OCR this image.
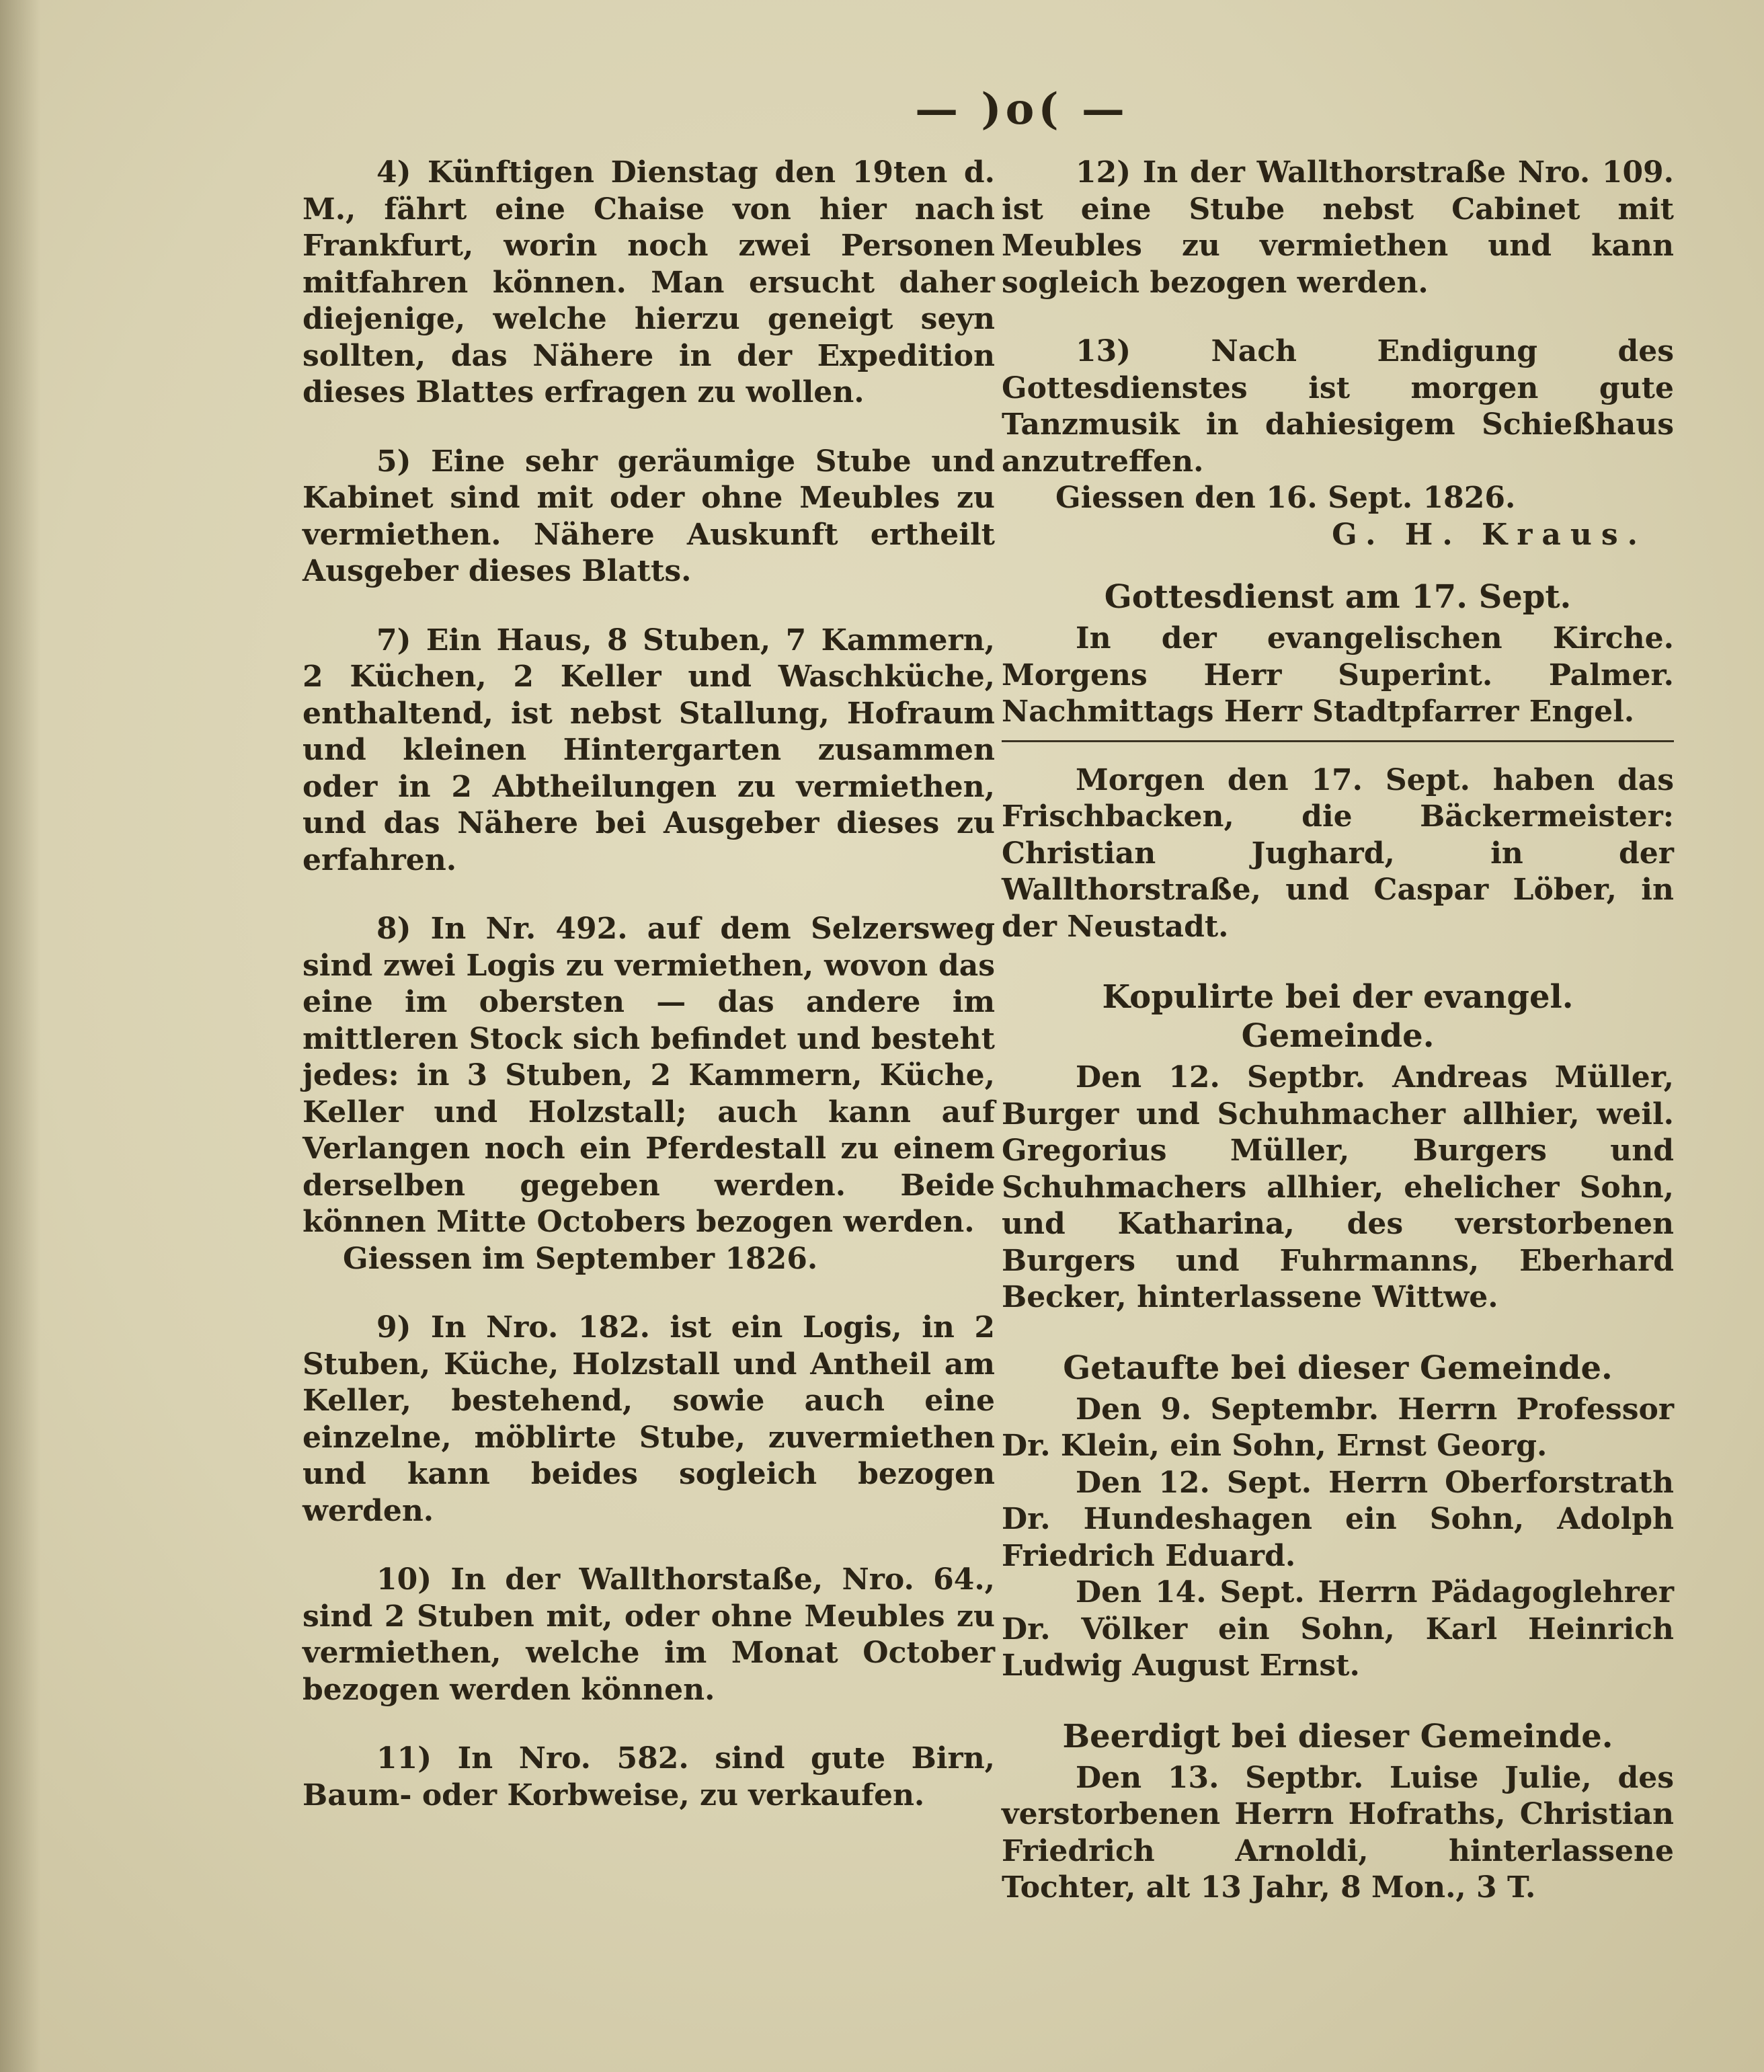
— )o( —

4) Künftigen Dienstag den 19ten d. M., fährt eine Chaise von hier nach Frankfurt, worin noch zwei Personen mitfahren können. Man ersucht daher diejenige, welche hierzu geneigt seyn sollten, das Nähere in der Expedition dieses Blattes erfragen zu wollen.

5) Eine sehr geräumige Stube und Kabinet sind mit oder ohne Meubles zu vermiethen. Nähere Auskunft ertheilt Ausgeber dieses Blatts.

7) Ein Haus, 8 Stuben, 7 Kammern, 2 Küchen, 2 Keller und Waschküche, enthaltend, ist nebst Stallung, Hofraum und kleinen Hintergarten zusammen oder in 2 Abtheilungen zu vermiethen, und das Nähere bei Ausgeber dieses zu erfahren.

8) In Nr. 492. auf dem Selzersweg sind zwei Logis zu vermiethen, wovon das eine im obersten — das andere im mittleren Stock sich befindet und besteht jedes: in 3 Stuben, 2 Kammern, Küche, Keller und Holzstall; auch kann auf Verlangen noch ein Pferdestall zu einem derselben gegeben werden. Beide können Mitte Octobers bezogen werden.

Giessen im September 1826.

9) In Nro. 182. ist ein Logis, in 2 Stuben, Küche, Holzstall und Antheil am Keller, bestehend, sowie auch eine einzelne, möblirte Stube, zuvermiethen und kann beides sogleich bezogen werden.

10) In der Wallthorstaße, Nro. 64., sind 2 Stuben mit, oder ohne Meubles zu vermiethen, welche im Monat October bezogen werden können.

11) In Nro. 582. sind gute Birn, Baum- oder Korbweise, zu verkaufen.

12) In der Wallthorstraße Nro. 109. ist eine Stube nebst Cabinet mit Meubles zu vermiethen und kann sogleich bezogen werden.

13) Nach Endigung des Gottesdienstes ist morgen gute Tanzmusik in dahiesigem Schießhaus anzutreffen.

Giessen den 16. Sept. 1826.
G. H. Kraus.
Gottesdienst am 17. Sept.

In der evangelischen Kirche. Morgens Herr Superint. Palmer. Nachmittags Herr Stadtpfarrer Engel.

Morgen den 17. Sept. haben das Frischbacken, die Bäckermeister: Christian Jughard, in der Wallthorstraße, und Caspar Löber, in der Neustadt.

Kopulirte bei der evangel. Gemeinde.

Den 12. Septbr. Andreas Müller, Burger und Schuhmacher allhier, weil. Gregorius Müller, Burgers und Schuhmachers allhier, ehelicher Sohn, und Katharina, des verstorbenen Burgers und Fuhrmanns, Eberhard Becker, hinterlassene Wittwe.

Getaufte bei dieser Gemeinde.

Den 9. Septembr. Herrn Professor Dr. Klein, ein Sohn, Ernst Georg.

Den 12. Sept. Herrn Oberforstrath Dr. Hundeshagen ein Sohn, Adolph Friedrich Eduard.

Den 14. Sept. Herrn Pädagoglehrer Dr. Völker ein Sohn, Karl Heinrich Ludwig August Ernst.

Beerdigt bei dieser Gemeinde.

Den 13. Septbr. Luise Julie, des verstorbenen Herrn Hofraths, Christian Friedrich Arnoldi, hinterlassene Tochter, alt 13 Jahr, 8 Mon., 3 T.
